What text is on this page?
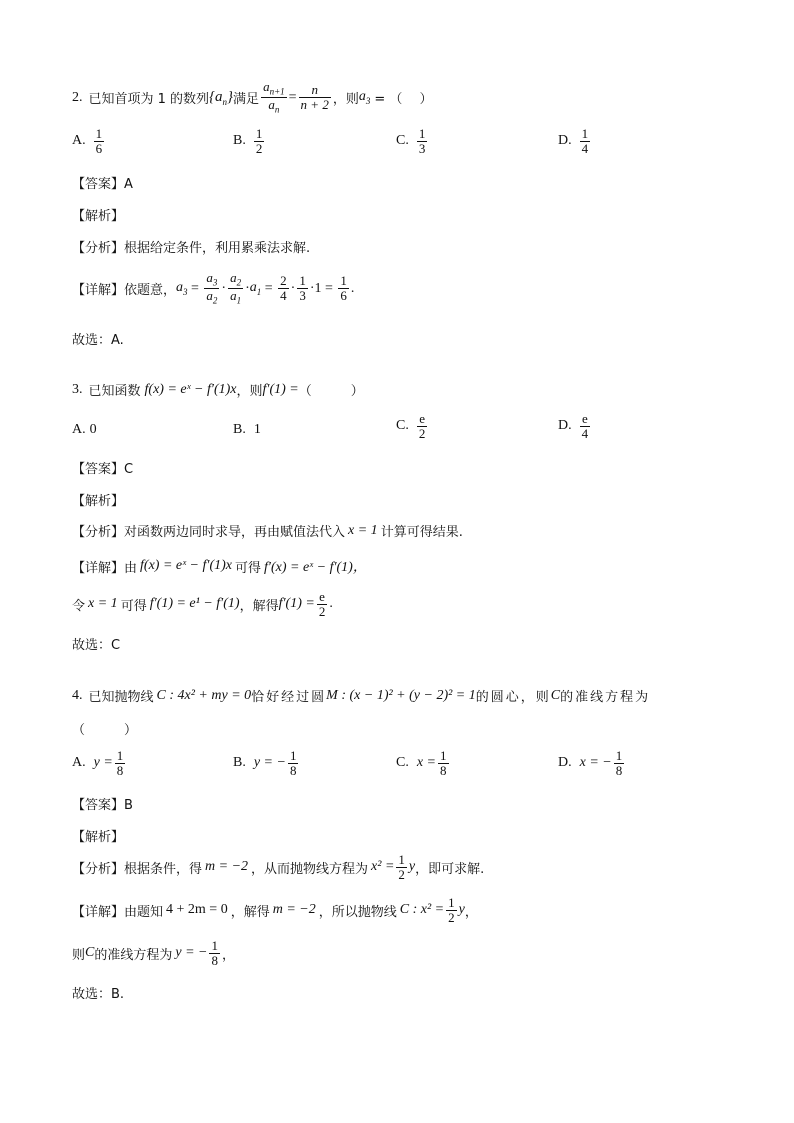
2. 已知首项为 1 的数列 $\{a_n\}$ 满足 $\frac{a_{n+1}}{a_n} = \frac{n}{n + 2}$ ，则 $a_3$ = （　 ）
A. $\frac{1}{6}$	B. $\frac{1}{2}$	C. $\frac{1}{3}$	D. $\frac{1}{4}$
【答案】A
【解析】
【分析】根据给定条件，利用累乘法求解.
【详解】依题意， $a_3 = \frac{a_3}{a_2} \cdot \frac{a_2}{a_1} \cdot a_1 = \frac{2}{4} \cdot \frac{1}{3} \cdot 1 = \frac{1}{6}$ .
故选：A.
3. 已知函数 f(x) = eˣ − f′(1)x ，则 f′(1) = （　　　）
A. 0	B. 1	C. $\frac{e}{2}$	D. $\frac{e}{4}$
【答案】C
【解析】
【分析】对函数两边同时求导，再由赋值法代入 x = 1 计算可得结果.
【详解】由 f(x) = eˣ − f′(1)x 可得 f′(x) = eˣ − f′(1)，
令 x = 1 可得 f′(1) = e¹ − f′(1) ，解得 $f'(1) = \frac{e}{2}$ .
故选：C
4. 已知抛物线 C : 4x² + my = 0 恰好经过圆 M : (x − 1)² + (y − 2)² = 1 的圆心，则 C 的准线方程为
（　　　）
A. $y = \frac{1}{8}$	B. y = − $\frac{1}{8}$	C. $x = \frac{1}{8}$	D. x = − $\frac{1}{8}$
【答案】B
【解析】
【分析】根据条件，得 m = −2 ，从而抛物线方程为 $x^2 = \frac{1}{2}$ y ，即可求解.
【详解】由题知 4 + 2m = 0 ，解得 m = −2 ，所以抛物线 C : $x^2 = \frac{1}{2}$ y ，
则 C 的准线方程为 y = − $\frac{1}{8}$ ，
故选：B.
